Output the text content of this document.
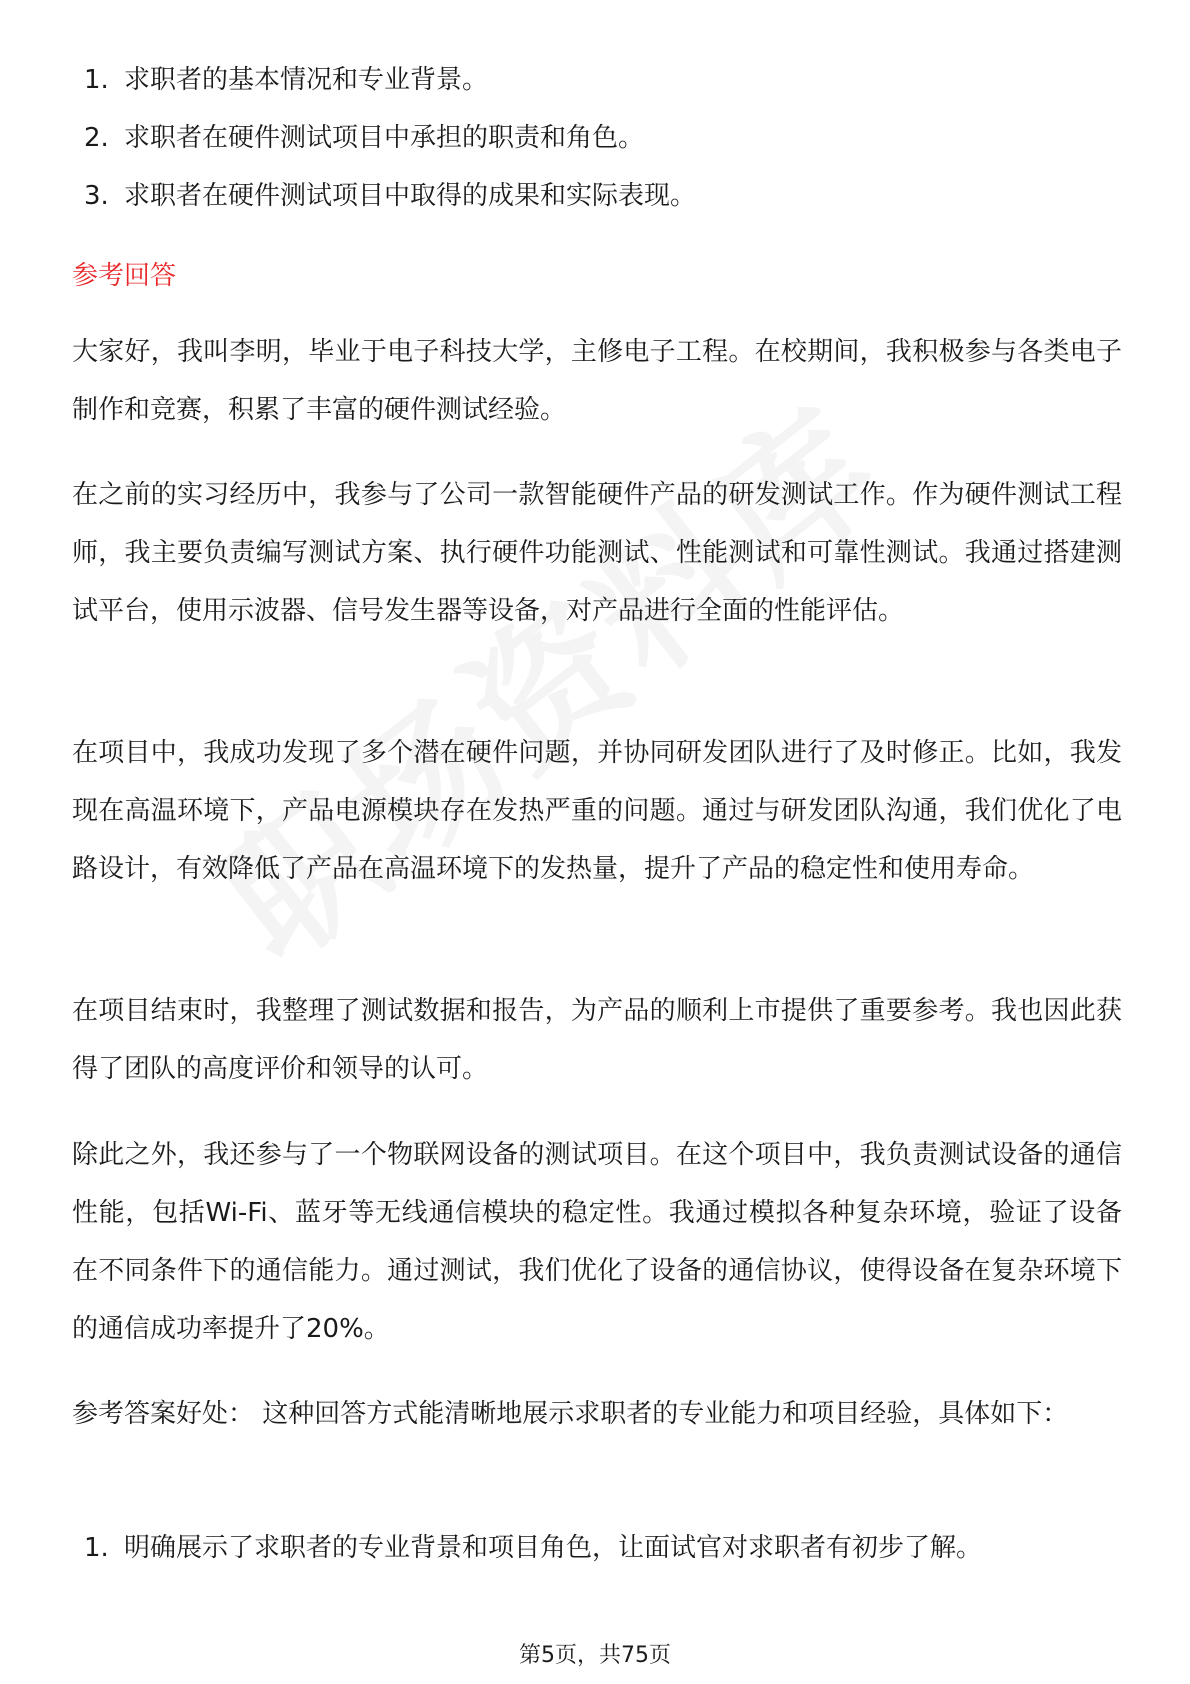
1. 求职者的基本情况和专业背景。
2. 求职者在硬件测试项目中承担的职责和角色。
3. 求职者在硬件测试项目中取得的成果和实际表现。
参考回答

大家好，我叫李明，毕业于电子科技大学，主修电子工程。在校期间，我积极参与各类电子制作和竞赛，积累了丰富的硬件测试经验。

在之前的实习经历中，我参与了公司一款智能硬件产品的研发测试工作。作为硬件测试工程师，我主要负责编写测试方案、执行硬件功能测试、性能测试和可靠性测试。我通过搭建测试平台，使用示波器、信号发生器等设备，对产品进行全面的性能评估。

在项目中，我成功发现了多个潜在硬件问题，并协同研发团队进行了及时修正。比如，我发现在高温环境下，产品电源模块存在发热严重的问题。通过与研发团队沟通，我们优化了电路设计，有效降低了产品在高温环境下的发热量，提升了产品的稳定性和使用寿命。

在项目结束时，我整理了测试数据和报告，为产品的顺利上市提供了重要参考。我也因此获得了团队的高度评价和领导的认可。

除此之外，我还参与了一个物联网设备的测试项目。在这个项目中，我负责测试设备的通信性能，包括Wi-Fi、蓝牙等无线通信模块的稳定性。我通过模拟各种复杂环境，验证了设备在不同条件下的通信能力。通过测试，我们优化了设备的通信协议，使得设备在复杂环境下的通信成功率提升了20%。

参考答案好处： 这种回答方式能清晰地展示求职者的专业能力和项目经验，具体如下：

1. 明确展示了求职者的专业背景和项目角色，让面试官对求职者有初步了解。
第5页，共75页
